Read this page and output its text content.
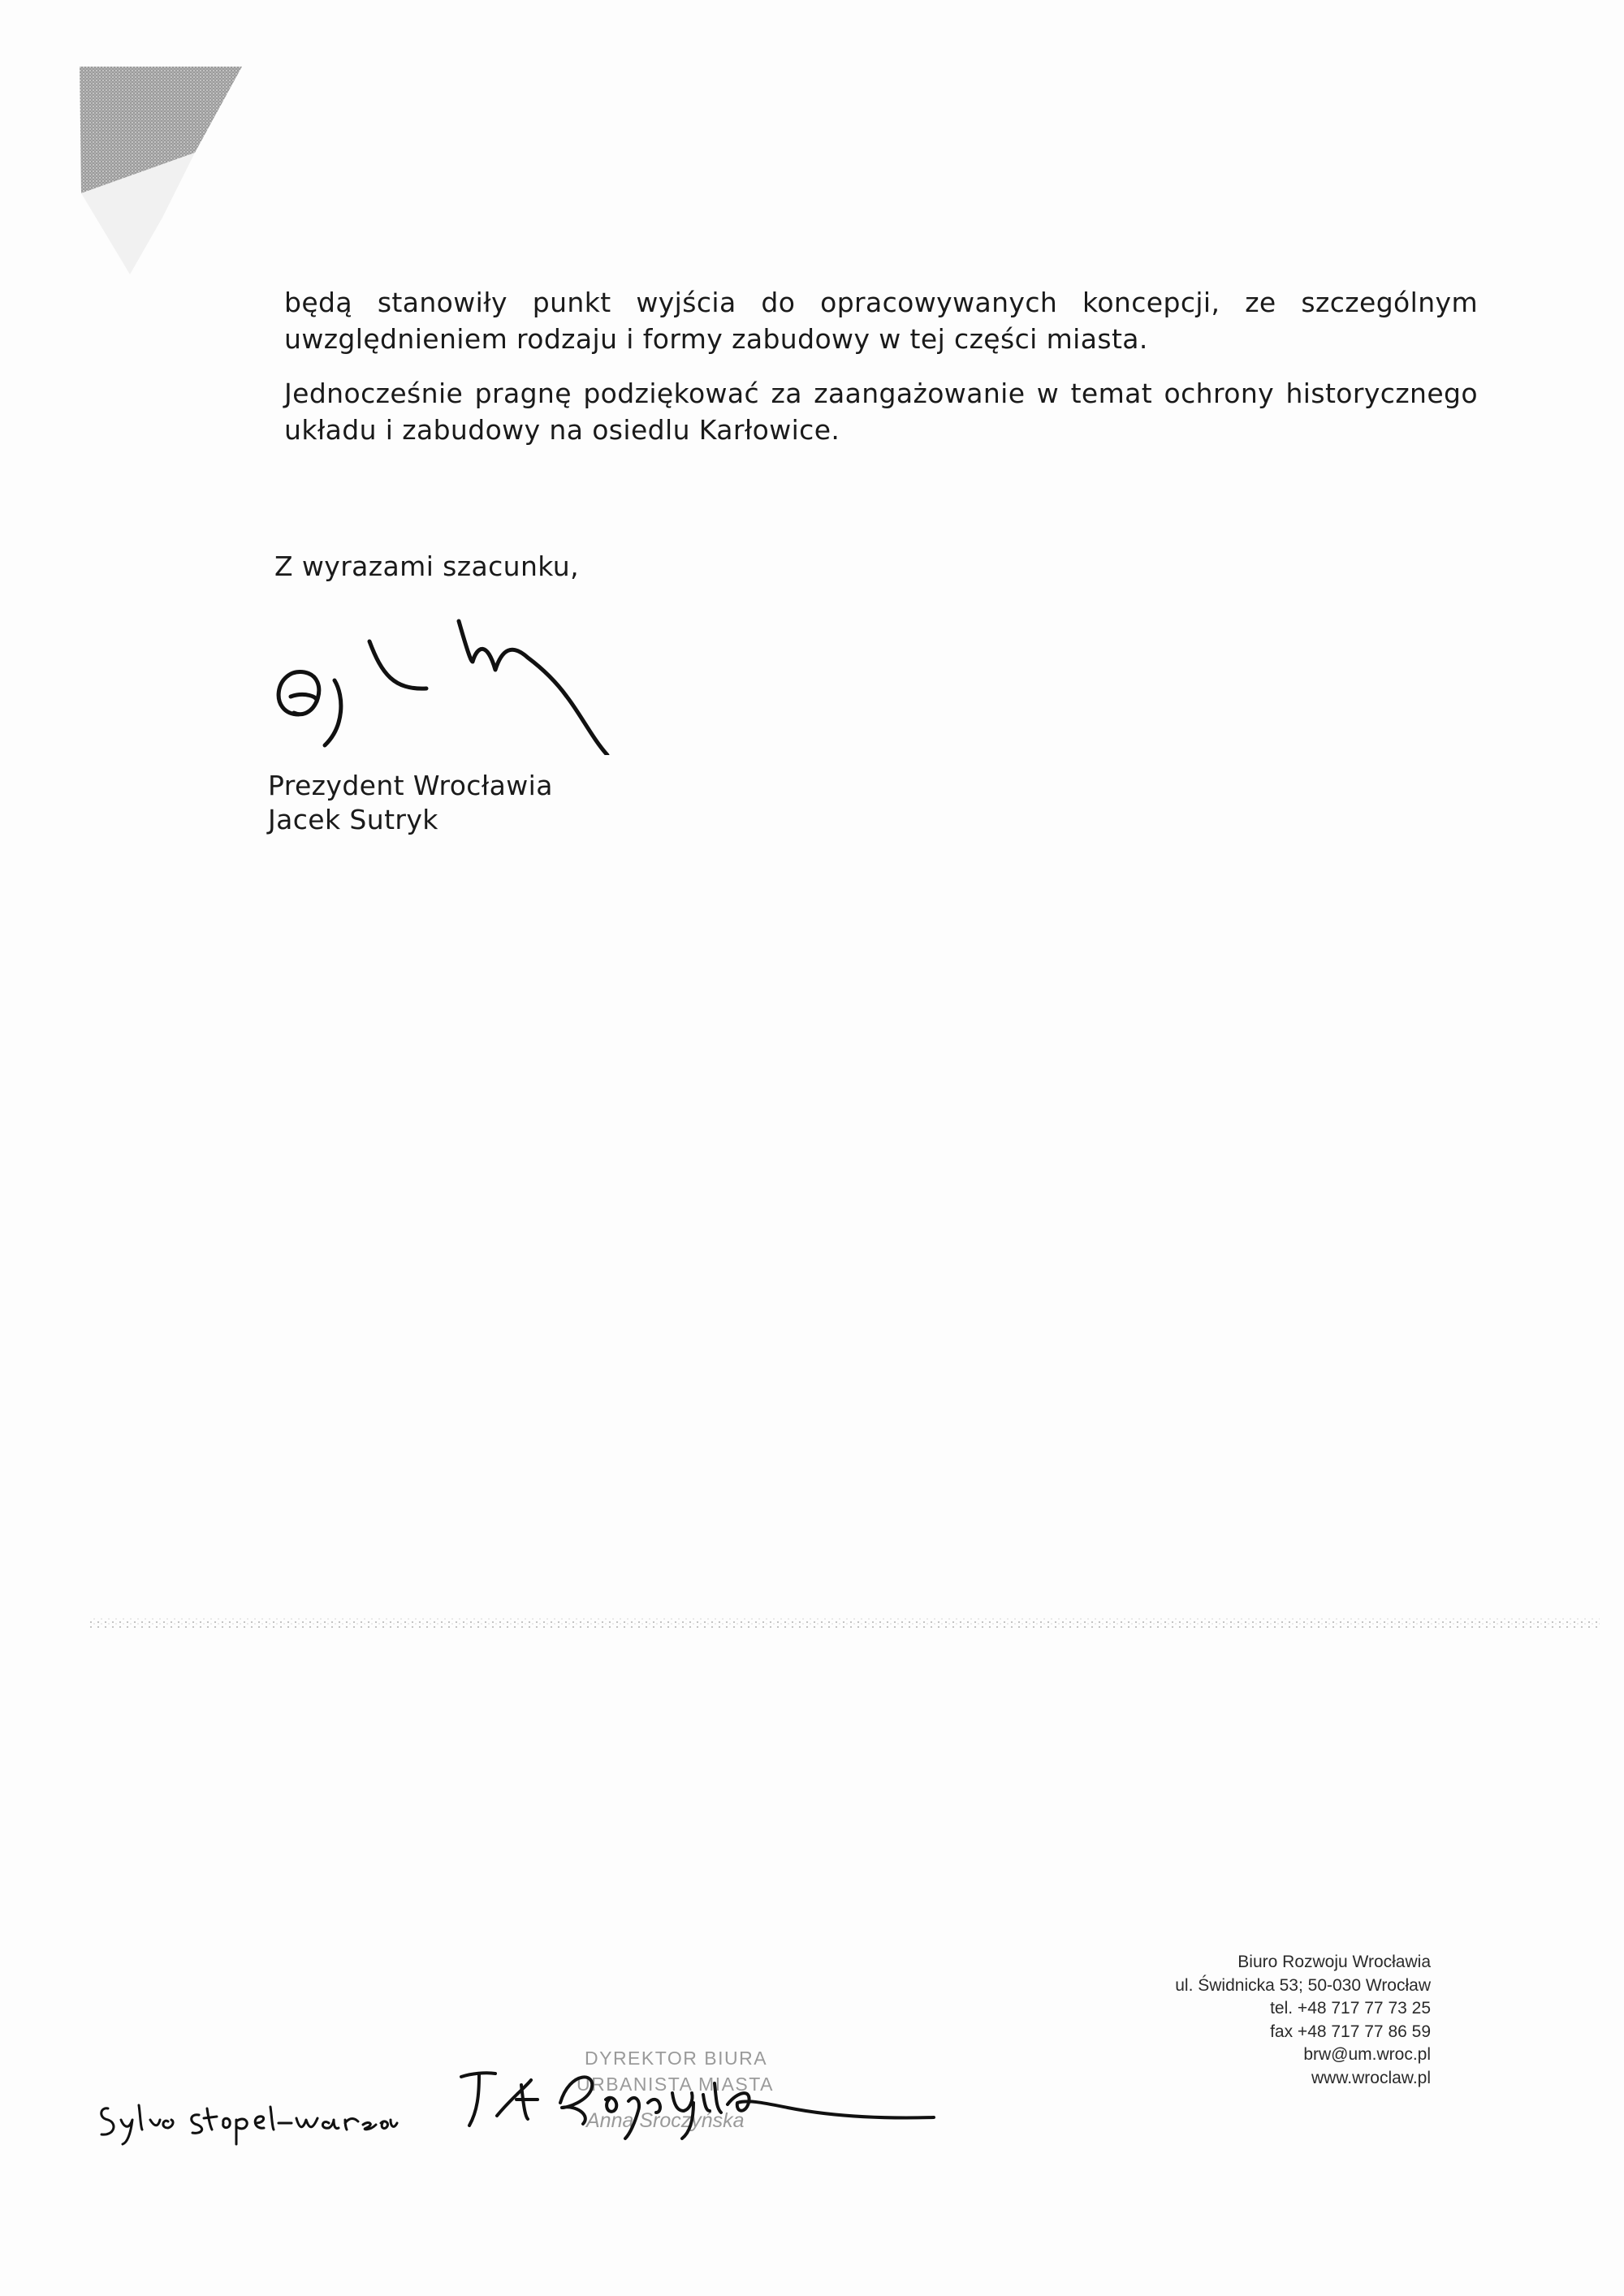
będą stanowiły punkt wyjścia do opracowywanych koncepcji, ze szczególnym uwzględnieniem rodzaju i formy zabudowy w tej części miasta.
Jednocześnie pragnę podziękować za zaangażowanie w temat ochrony historycznego układu i zabudowy na osiedlu Karłowice.
Z wyrazami szacunku,
Prezydent Wrocławia
Jacek Sutryk
Biuro Rozwoju Wrocławia
ul. Świdnicka 53; 50-030 Wrocław
tel. +48 717 77 73 25
fax +48 717 77 86 59
brw@um.wroc.pl
www.wroclaw.pl
DYREKTOR BIURA
URBANISTA MIASTA
Anna Sroczyńska
